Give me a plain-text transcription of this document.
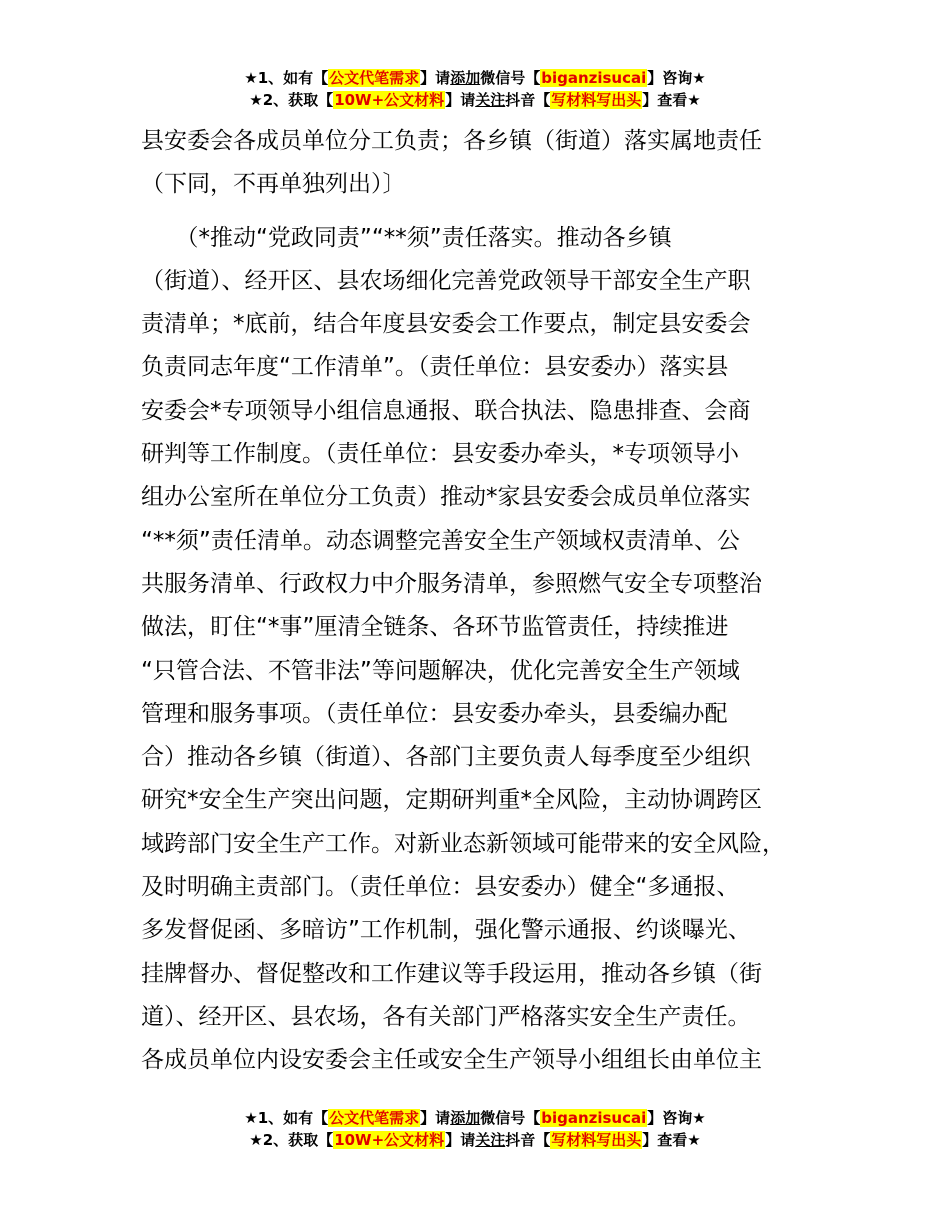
★1、如有【公文代笔需求】请添加微信号【biganzisucai】咨询★
★2、获取【10W+公文材料】请关注抖音【写材料写出头】查看★
县安委会各成员单位分工负责；各乡镇（街道）落实属地责任
（下同，不再单独列出）〕
　　（*推动“党政同责”“**须”责任落实。推动各乡镇
（街道）、经开区、县农场细化完善党政领导干部安全生产职
责清单；*底前，结合年度县安委会工作要点，制定县安委会
负责同志年度“工作清单”。（责任单位：县安委办）落实县
安委会*专项领导小组信息通报、联合执法、隐患排查、会商
研判等工作制度。（责任单位：县安委办牵头，*专项领导小
组办公室所在单位分工负责）推动*家县安委会成员单位落实
“**须”责任清单。动态调整完善安全生产领域权责清单、公
共服务清单、行政权力中介服务清单，参照燃气安全专项整治
做法，盯住“*事”厘清全链条、各环节监管责任，持续推进
“只管合法、不管非法”等问题解决，优化完善安全生产领域
管理和服务事项。（责任单位：县安委办牵头，县委编办配
合）推动各乡镇（街道）、各部门主要负责人每季度至少组织
研究*安全生产突出问题，定期研判重*全风险，主动协调跨区
域跨部门安全生产工作。对新业态新领域可能带来的安全风险，
及时明确主责部门。（责任单位：县安委办）健全“多通报、
多发督促函、多暗访”工作机制，强化警示通报、约谈曝光、
挂牌督办、督促整改和工作建议等手段运用，推动各乡镇（街
道）、经开区、县农场，各有关部门严格落实安全生产责任。
各成员单位内设安委会主任或安全生产领导小组组长由单位主
★1、如有【公文代笔需求】请添加微信号【biganzisucai】咨询★
★2、获取【10W+公文材料】请关注抖音【写材料写出头】查看★
